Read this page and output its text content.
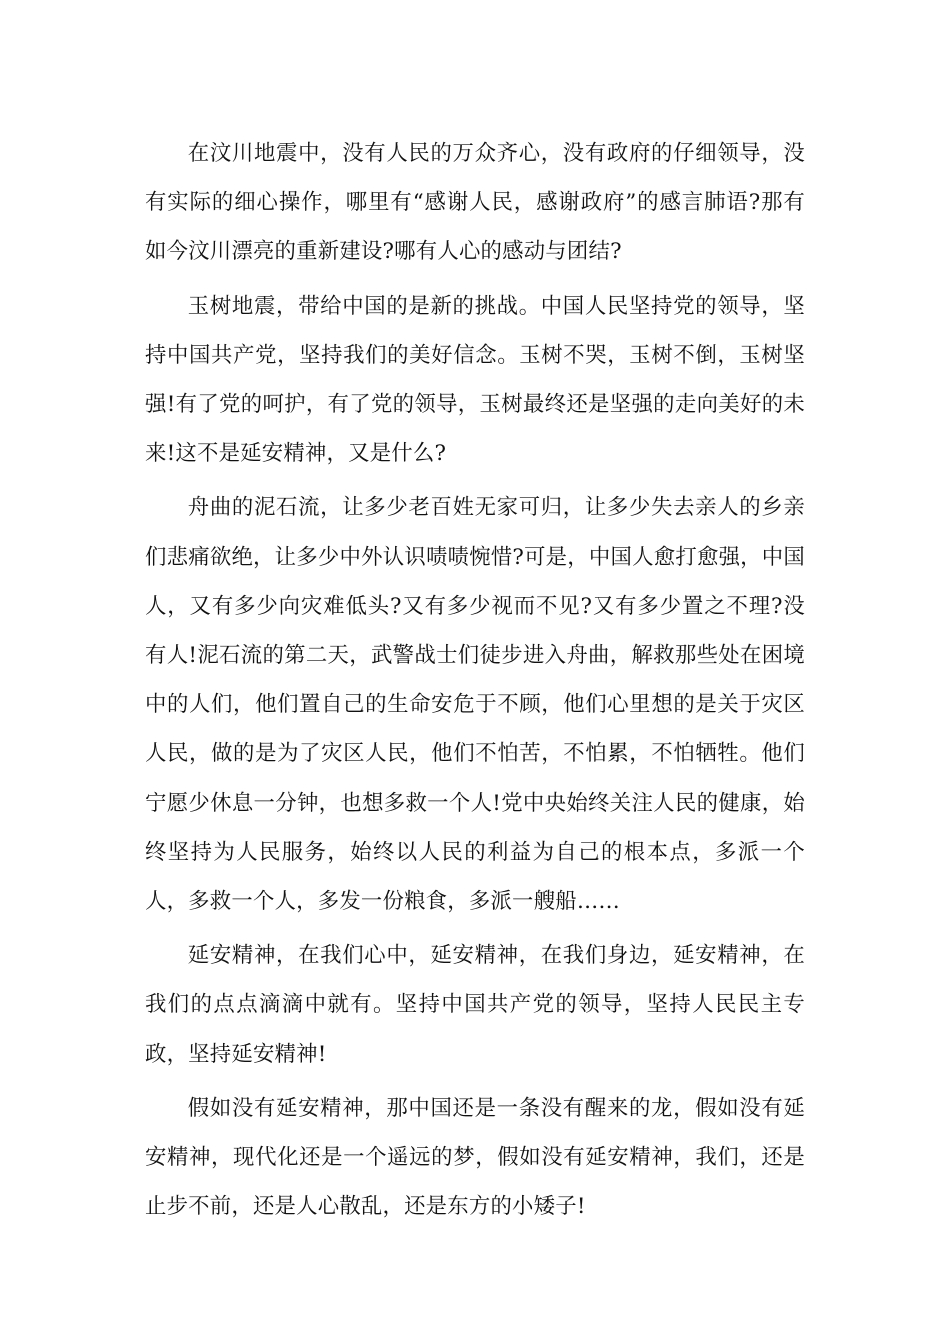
在汶川地震中，没有人民的万众齐心，没有政府的仔细领导，没有实际的细心操作，哪里有“感谢人民，感谢政府”的感言肺语?那有如今汶川漂亮的重新建设?哪有人心的感动与团结?

玉树地震，带给中国的是新的挑战。中国人民坚持党的领导，坚持中国共产党，坚持我们的美好信念。玉树不哭，玉树不倒，玉树坚强!有了党的呵护，有了党的领导，玉树最终还是坚强的走向美好的未来!这不是延安精神，又是什么?

舟曲的泥石流，让多少老百姓无家可归，让多少失去亲人的乡亲们悲痛欲绝，让多少中外认识啧啧惋惜?可是，中国人愈打愈强，中国人，又有多少向灾难低头?又有多少视而不见?又有多少置之不理?没有人!泥石流的第二天，武警战士们徒步进入舟曲，解救那些处在困境中的人们，他们置自己的生命安危于不顾，他们心里想的是关于灾区人民，做的是为了灾区人民，他们不怕苦，不怕累，不怕牺牲。他们宁愿少休息一分钟，也想多救一个人!党中央始终关注人民的健康，始终坚持为人民服务，始终以人民的利益为自己的根本点，多派一个人，多救一个人，多发一份粮食，多派一艘船……

延安精神，在我们心中，延安精神，在我们身边，延安精神，在我们的点点滴滴中就有。坚持中国共产党的领导，坚持人民民主专政，坚持延安精神!

假如没有延安精神，那中国还是一条没有醒来的龙，假如没有延安精神，现代化还是一个遥远的梦，假如没有延安精神，我们，还是止步不前，还是人心散乱，还是东方的小矮子!
